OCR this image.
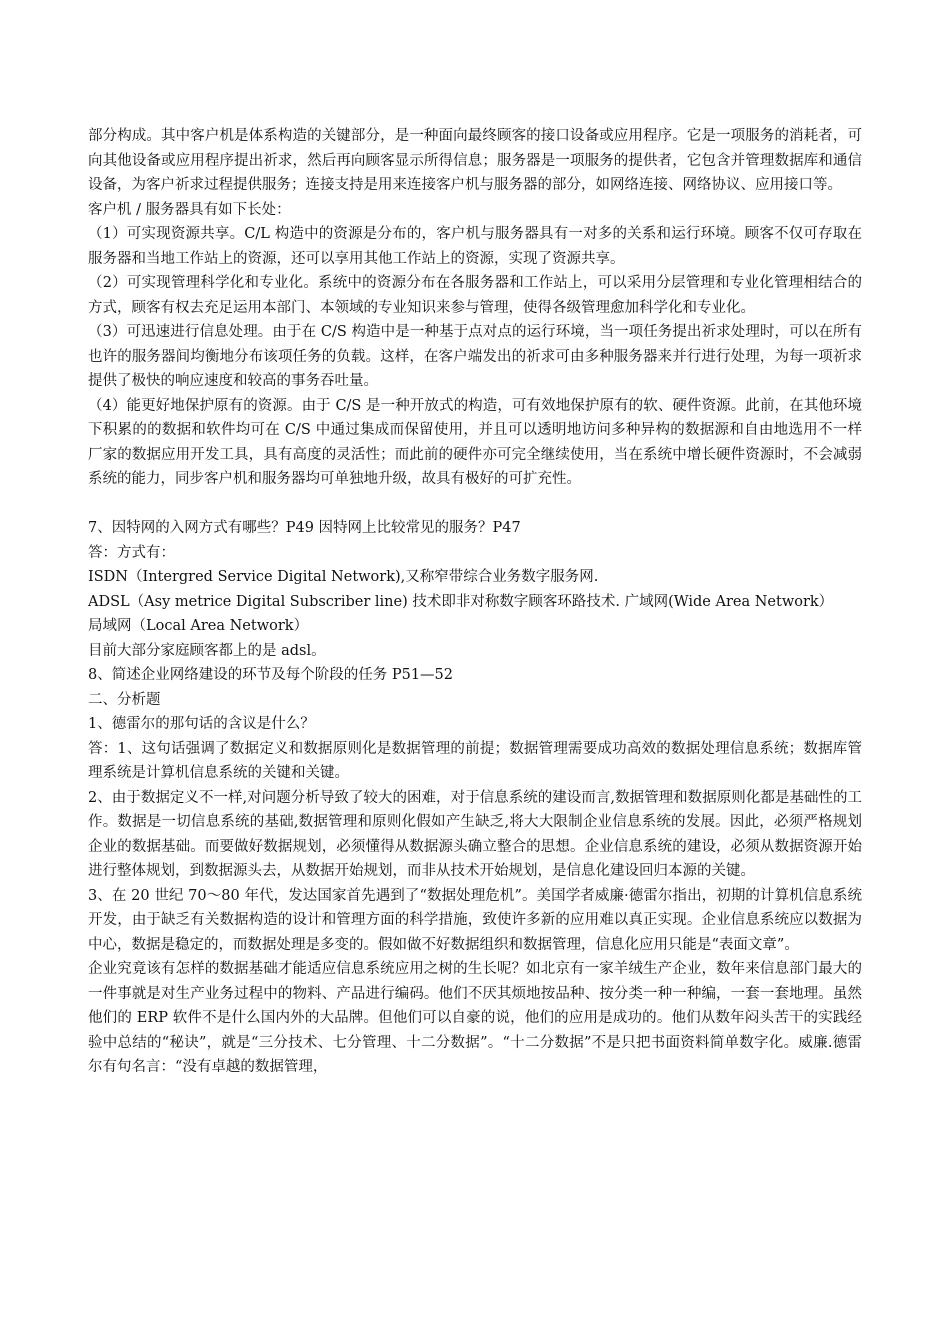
部分构成。其中客户机是体系构造的关键部分，是一种面向最终顾客的接口设备或应用程序。它是一项服务的消耗者，可向其他设备或应用程序提出祈求，然后再向顾客显示所得信息；服务器是一项服务的提供者，它包含并管理数据库和通信设备，为客户祈求过程提供服务；连接支持是用来连接客户机与服务器的部分，如网络连接、网络协议、应用接口等。

客户机 / 服务器具有如下长处：

（1）可实现资源共享。C/L 构造中的资源是分布的，客户机与服务器具有一对多的关系和运行环境。顾客不仅可存取在服务器和当地工作站上的资源，还可以享用其他工作站上的资源，实现了资源共享。

（2）可实现管理科学化和专业化。系统中的资源分布在各服务器和工作站上，可以采用分层管理和专业化管理相结合的方式，顾客有权去充足运用本部门、本领域的专业知识来参与管理，使得各级管理愈加科学化和专业化。

（3）可迅速进行信息处理。由于在 C/S 构造中是一种基于点对点的运行环境，当一项任务提出祈求处理时，可以在所有也许的服务器间均衡地分布该项任务的负载。这样，在客户端发出的祈求可由多种服务器来并行进行处理，为每一项祈求提供了极快的响应速度和较高的事务吞吐量。

（4）能更好地保护原有的资源。由于 C/S 是一种开放式的构造，可有效地保护原有的软、硬件资源。此前，在其他环境下积累的的数据和软件均可在 C/S 中通过集成而保留使用，并且可以透明地访问多种异构的数据源和自由地选用不一样厂家的数据应用开发工具，具有高度的灵活性；而此前的硬件亦可完全继续使用，当在系统中增长硬件资源时，不会减弱系统的能力，同步客户机和服务器均可单独地升级，故具有极好的可扩充性。

7、因特网的入网方式有哪些？P49 因特网上比较常见的服务？P47

答：方式有：

ISDN（Intergred Service Digital Network),又称窄带综合业务数字服务网.

ADSL（Asy metrice Digital Subscriber line) 技术即非对称数字顾客环路技术. 广域网(Wide Area Network）

局域网（Local Area Network）

目前大部分家庭顾客都上的是 adsl。

8、简述企业网络建设的环节及每个阶段的任务 P51—52

二、分析题

1、德雷尔的那句话的含议是什么？

答：1、这句话强调了数据定义和数据原则化是数据管理的前提；数据管理需要成功高效的数据处理信息系统；数据库管理系统是计算机信息系统的关键和关键。

2、由于数据定义不一样,对问题分析导致了较大的困难，对于信息系统的建设而言,数据管理和数据原则化都是基础性的工作。数据是一切信息系统的基础,数据管理和原则化假如产生缺乏,将大大限制企业信息系统的发展。因此，必须严格规划企业的数据基础。而要做好数据规划，必须懂得从数据源头确立整合的思想。企业信息系统的建设，必须从数据资源开始进行整体规划，到数据源头去，从数据开始规划，而非从技术开始规划，是信息化建设回归本源的关键。

3、在 20 世纪 70～80 年代，发达国家首先遇到了“数据处理危机”。美国学者威廉·德雷尔指出，初期的计算机信息系统开发，由于缺乏有关数据构造的设计和管理方面的科学措施，致使许多新的应用难以真正实现。企业信息系统应以数据为中心，数据是稳定的，而数据处理是多变的。假如做不好数据组织和数据管理，信息化应用只能是“表面文章”。

企业究竟该有怎样的数据基础才能适应信息系统应用之树的生长呢？如北京有一家羊绒生产企业，数年来信息部门最大的一件事就是对生产业务过程中的物料、产品进行编码。他们不厌其烦地按品种、按分类一种一种编，一套一套地理。虽然他们的 ERP 软件不是什么国内外的大品牌。但他们可以自豪的说，他们的应用是成功的。他们从数年闷头苦干的实践经验中总结的“秘诀”，就是“三分技术、七分管理、十二分数据”。“十二分数据”不是只把书面资料简单数字化。威廉.德雷尔有句名言：“没有卓越的数据管理，
